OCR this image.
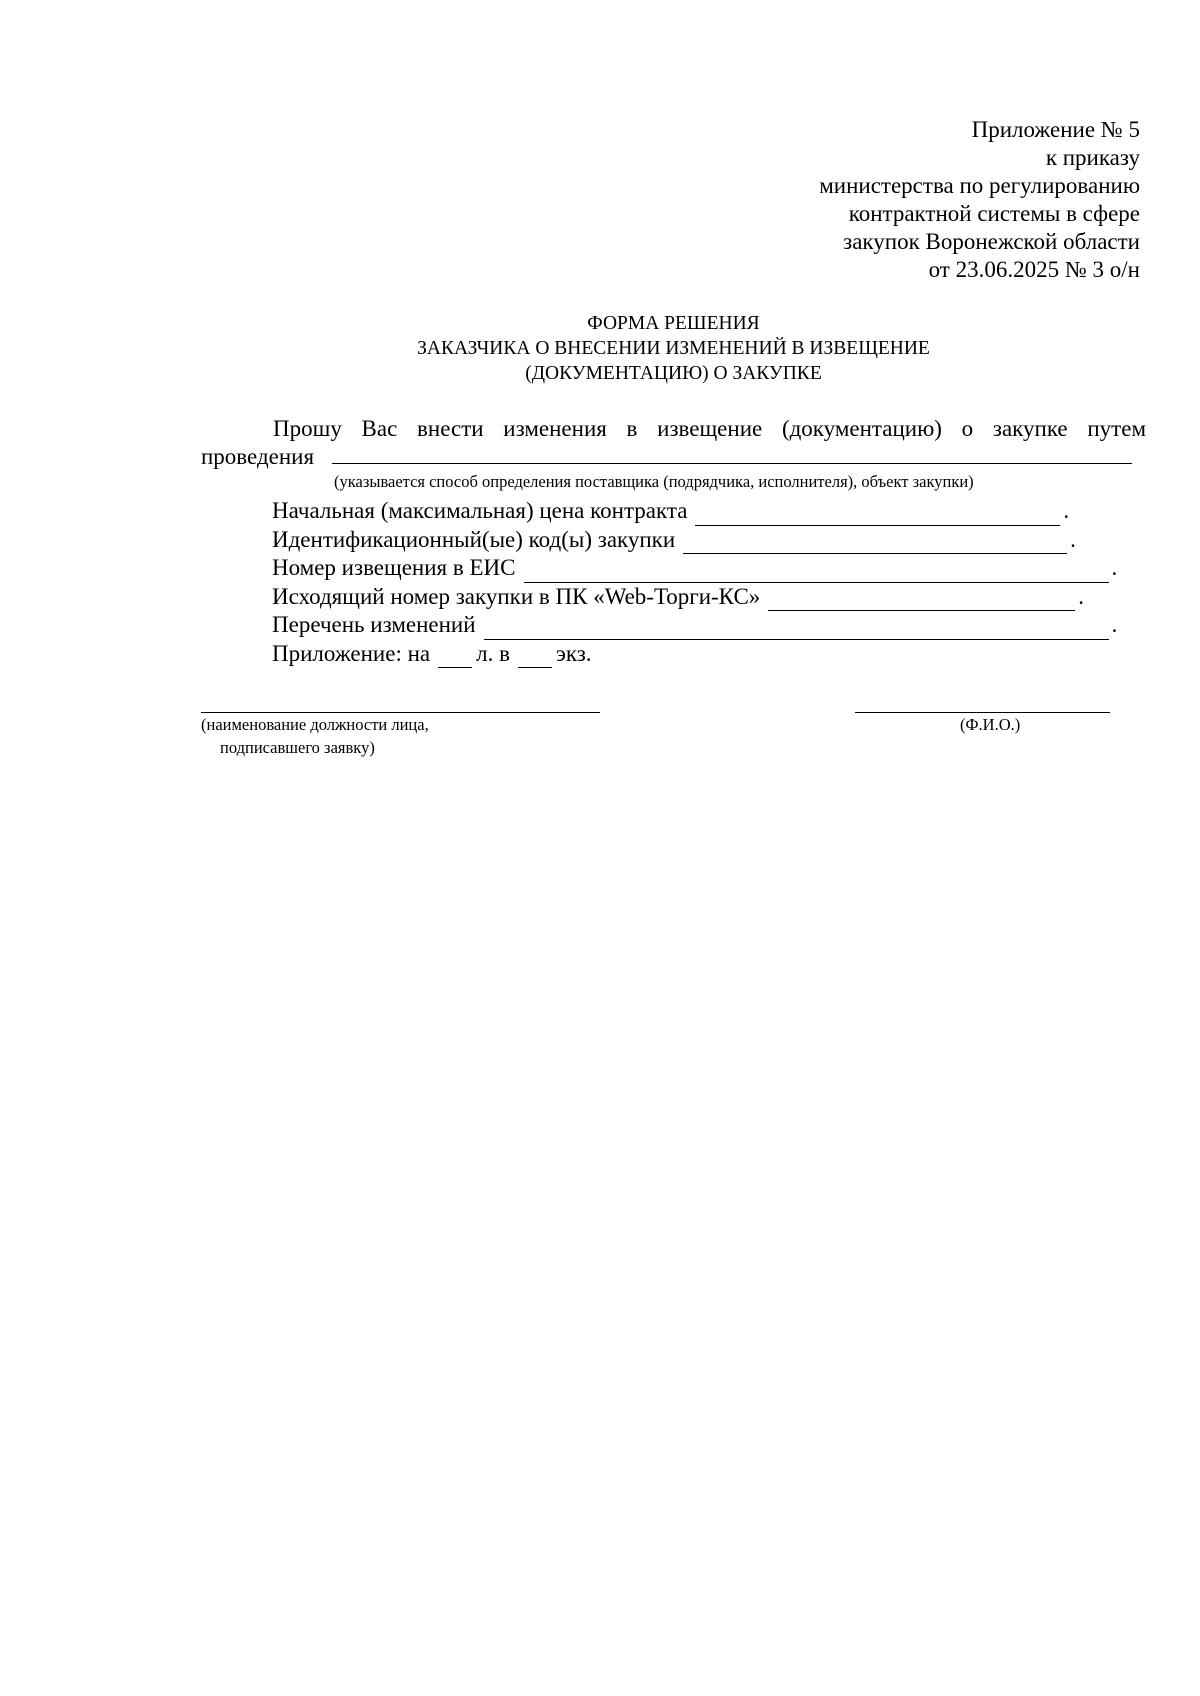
Приложение № 5
к приказу
министерства по регулированию
контрактной системы в сфере
закупок Воронежской области
от 23.06.2025 № 3 о/н
ФОРМА РЕШЕНИЯ
ЗАКАЗЧИКА О ВНЕСЕНИИ ИЗМЕНЕНИЙ В ИЗВЕЩЕНИЕ
(ДОКУМЕНТАЦИЮ) О ЗАКУПКЕ
Прошу Вас внести изменения в извещение (документацию) о закупке путем
проведения
(указывается способ определения поставщика (подрядчика, исполнителя), объект закупки)
Начальная (максимальная) цена контракта	.
Идентификационный(ые) код(ы) закупки	.
Номер извещения в ЕИС	.
Исходящий номер закупки в ПК «Web-Торги-КС»	.
Перечень изменений	.
Приложение: на л. в экз.
(наименование должности лица,
подписавшего заявку)
(Ф.И.О.)
